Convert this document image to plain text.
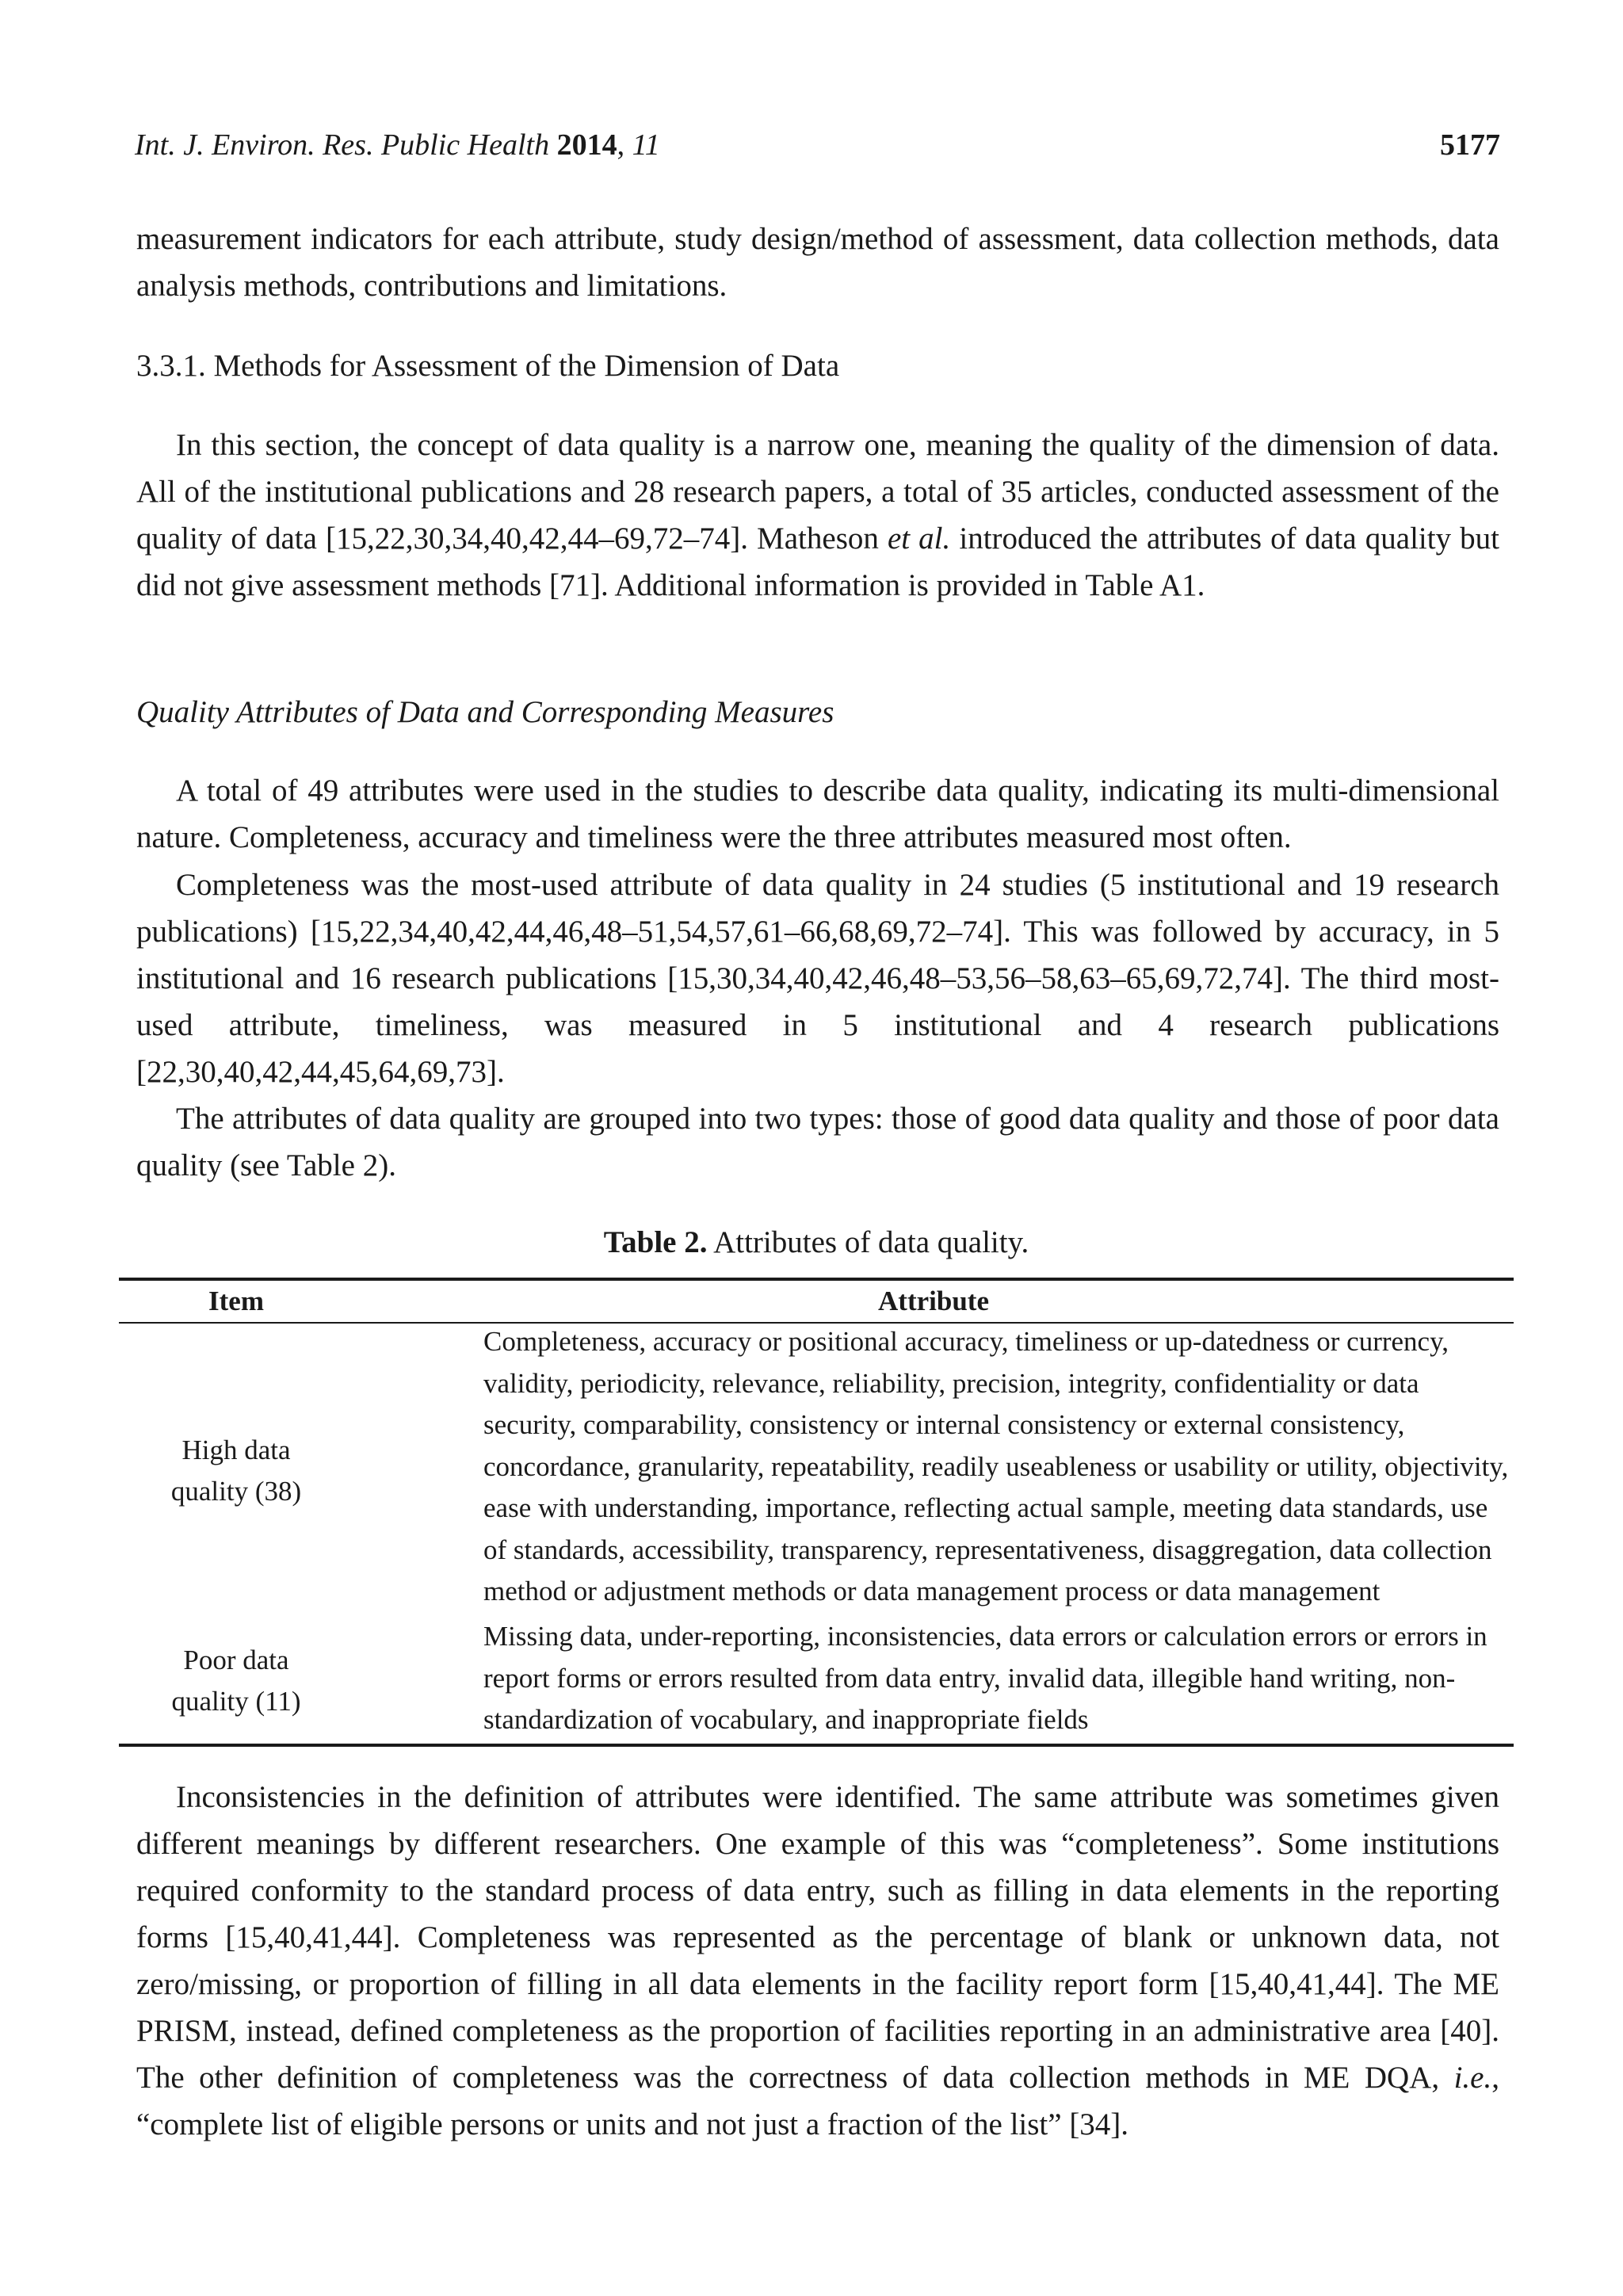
Int. J. Environ. Res. Public Health 2014, 11	5177

measurement indicators for each attribute, study design/method of assessment, data collection methods, data analysis methods, contributions and limitations.

3.3.1. Methods for Assessment of the Dimension of Data

In this section, the concept of data quality is a narrow one, meaning the quality of the dimension of data. All of the institutional publications and 28 research papers, a total of 35 articles, conducted assessment of the quality of data [15,22,30,34,40,42,44–69,72–74]. Matheson et al. introduced the attributes of data quality but did not give assessment methods [71]. Additional information is provided in Table A1.

Quality Attributes of Data and Corresponding Measures

A total of 49 attributes were used in the studies to describe data quality, indicating its multi-dimensional nature. Completeness, accuracy and timeliness were the three attributes measured most often.

Completeness was the most-used attribute of data quality in 24 studies (5 institutional and 19 research publications) [15,22,34,40,42,44,46,48–51,54,57,61–66,68,69,72–74]. This was followed by accuracy, in 5 institutional and 16 research publications [15,30,34,40,42,46,48–53,56–58,63–65,69,72,74]. The third most-used attribute, timeliness, was measured in 5 institutional and 4 research publications [22,30,40,42,44,45,64,69,73].

The attributes of data quality are grouped into two types: those of good data quality and those of poor data quality (see Table 2).

Table 2. Attributes of data quality.
Item	Attribute
High data quality (38)
Completeness, accuracy or positional accuracy, timeliness or up-datedness or currency, validity, periodicity, relevance, reliability, precision, integrity, confidentiality or data security, comparability, consistency or internal consistency or external consistency, concordance, granularity, repeatability, readily useableness or usability or utility, objectivity, ease with understanding, importance, reflecting actual sample, meeting data standards, use of standards, accessibility, transparency, representativeness, disaggregation, data collection method or adjustment methods or data management process or data management
Poor data quality (11)
Missing data, under-reporting, inconsistencies, data errors or calculation errors or errors in report forms or errors resulted from data entry, invalid data, illegible hand writing, non-standardization of vocabulary, and inappropriate fields

Inconsistencies in the definition of attributes were identified. The same attribute was sometimes given different meanings by different researchers. One example of this was “completeness”. Some institutions required conformity to the standard process of data entry, such as filling in data elements in the reporting forms [15,40,41,44]. Completeness was represented as the percentage of blank or unknown data, not zero/missing, or proportion of filling in all data elements in the facility report form [15,40,41,44]. The ME PRISM, instead, defined completeness as the proportion of facilities reporting in an administrative area [40]. The other definition of completeness was the correctness of data collection methods in ME DQA, i.e., “complete list of eligible persons or units and not just a fraction of the list” [34].
